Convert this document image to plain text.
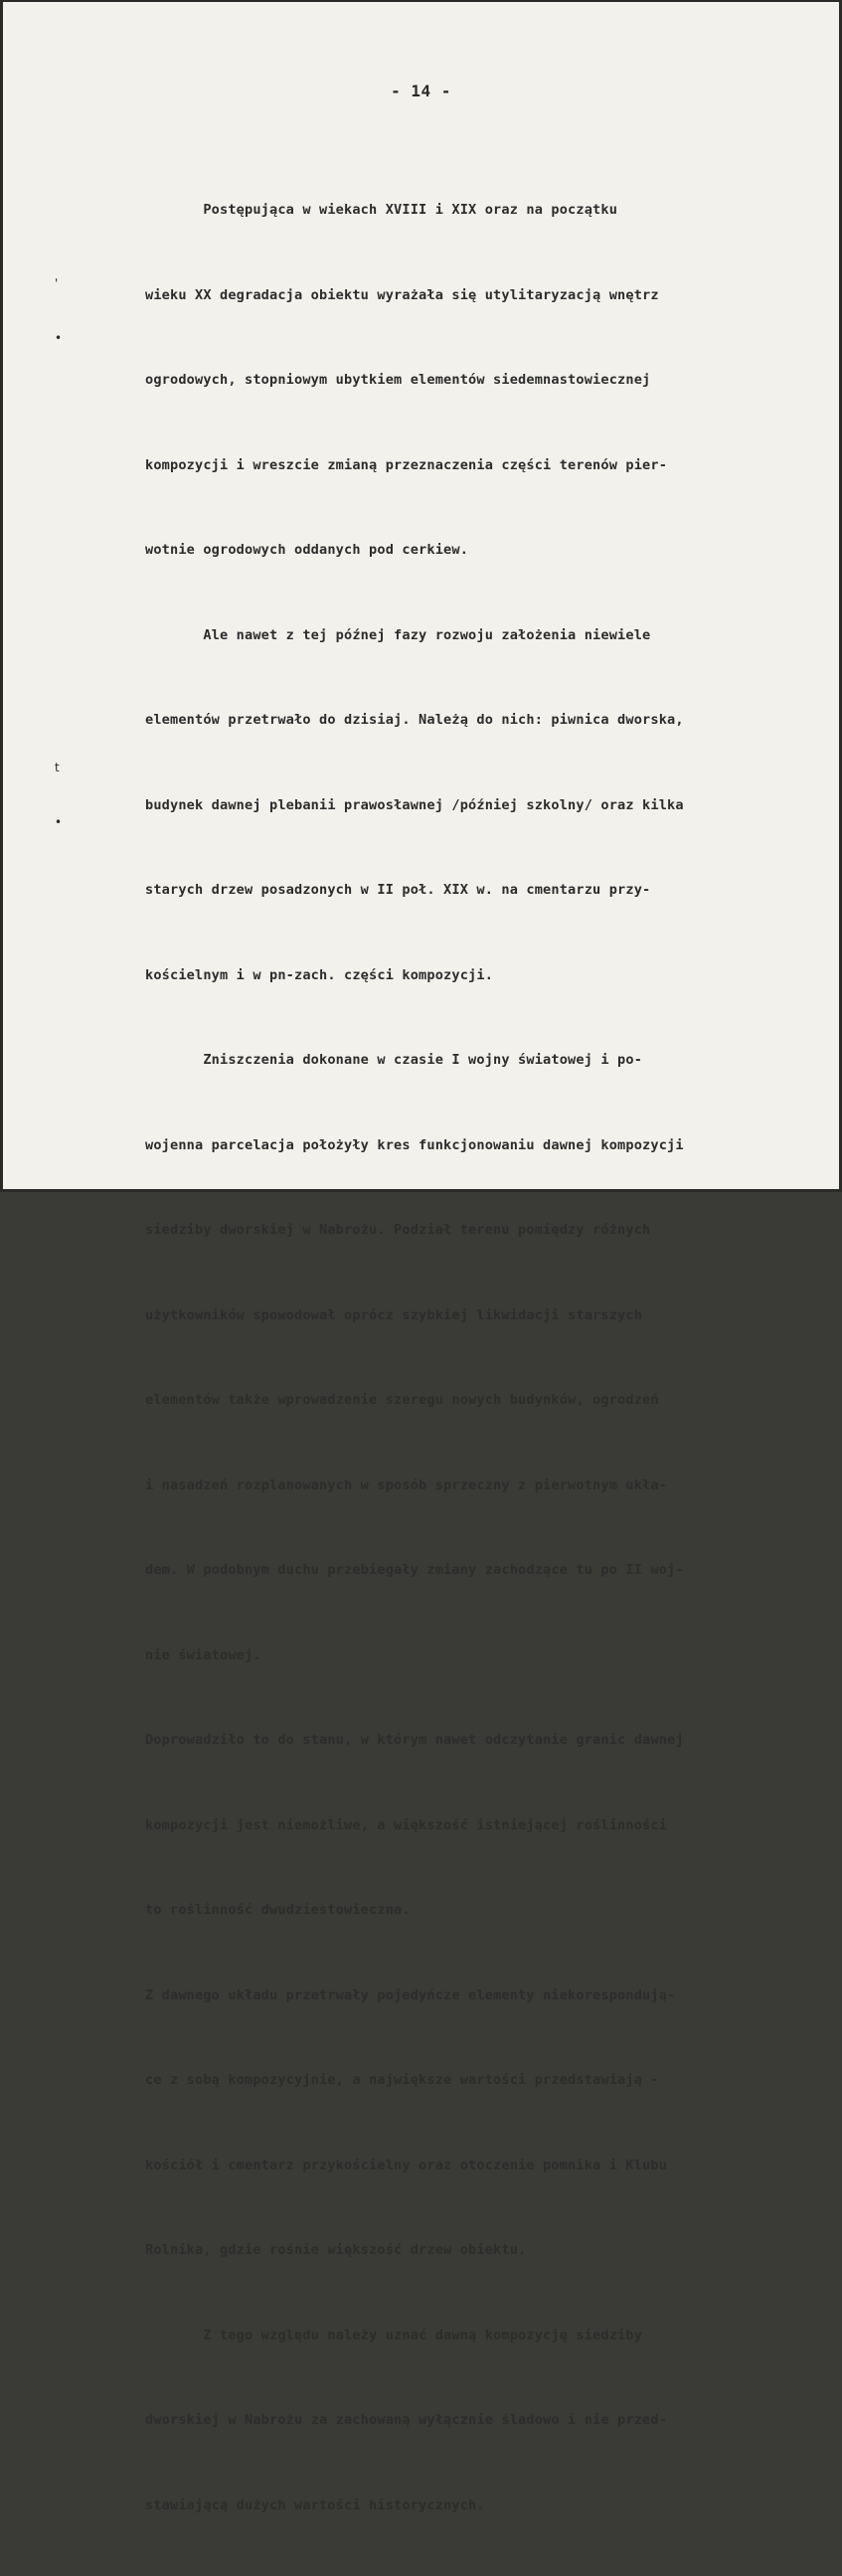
- 14 -
'
•
t
•

Postępująca w wiekach XVIII i XIX oraz na początku

wieku XX degradacja obiektu wyrażała się utylitaryzacją wnętrz

ogrodowych, stopniowym ubytkiem elementów siedemnastowiecznej

kompozycji i wreszcie zmianą przeznaczenia części terenów pier-

wotnie ogrodowych oddanych pod cerkiew.

Ale nawet z tej późnej fazy rozwoju założenia niewiele

elementów przetrwało do dzisiaj. Należą do nich: piwnica dworska,

budynek dawnej plebanii prawosławnej /później szkolny/ oraz kilka

starych drzew posadzonych w II poł. XIX w. na cmentarzu przy-

kościelnym i w pn-zach. części kompozycji.

Zniszczenia dokonane w czasie I wojny światowej i po-

wojenna parcelacja położyły kres funkcjonowaniu dawnej kompozycji

siedziby dworskiej w Nabrożu. Podział terenu pomiędzy różnych

użytkowników spowodował oprócz szybkiej likwidacji starszych

elementów także wprowadzenie szeregu nowych budynków, ogrodzeń

i nasadzeń rozplanowanych w sposób sprzeczny z pierwotnym ukła-

dem. W podobnym duchu przebiegały zmiany zachodzące tu po II woj-

nie światowej.

Doprowadziło to do stanu, w którym nawet odczytanie granic dawnej

kompozycji jest niemożliwe, a większość istniejącej roślinności

to roślinność dwudziestowieczna.

Z dawnego układu przetrwały pojedyńcze elementy niekorespondują-

ce z sobą kompozycyjnie, a największe wartości przedstawiają -

kościół i cmentarz przykościelny oraz otoczenie pomnika i Klubu

Rolnika, gdzie rośnie większość drzew obiektu.

Z tego względu należy uznać dawną kompozycję siedziby

dworskiej w Nabrożu za zachowaną wyłącznie śladowo i nie przed-

stawiającą dużych wartości historycznych.
